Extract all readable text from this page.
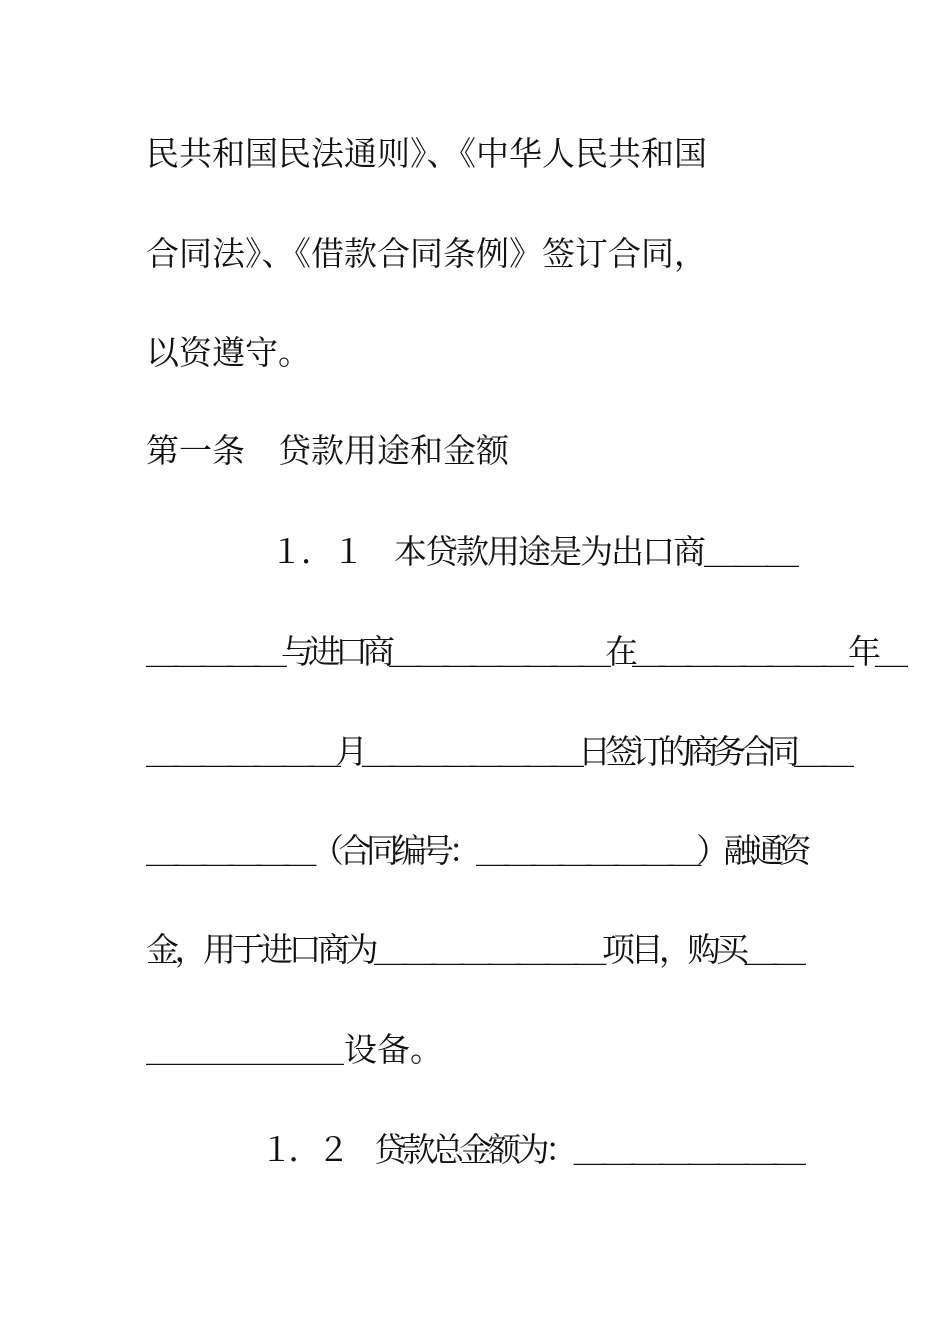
民共和国民法通则》、《中华人民共和国
合同法》、《借款合同条例》签订合同，
以资遵守。
第一条　贷款用途和金额
　　　　１．１　本贷款用途是为出口商＿＿＿
＿＿＿＿＿与进口商＿＿＿＿＿＿＿＿在＿＿＿＿＿＿＿＿年＿
＿＿＿＿＿＿＿月＿＿＿＿＿＿＿＿日签订的商务合同＿＿
＿＿＿＿＿＿（合同编号：＿＿＿＿＿＿＿＿）融通资
金，用于进口商为＿＿＿＿＿＿＿＿项目，购买＿＿
＿＿＿＿＿＿设备。
　　　　１．２　贷款总金额为：＿＿＿＿＿＿＿＿
